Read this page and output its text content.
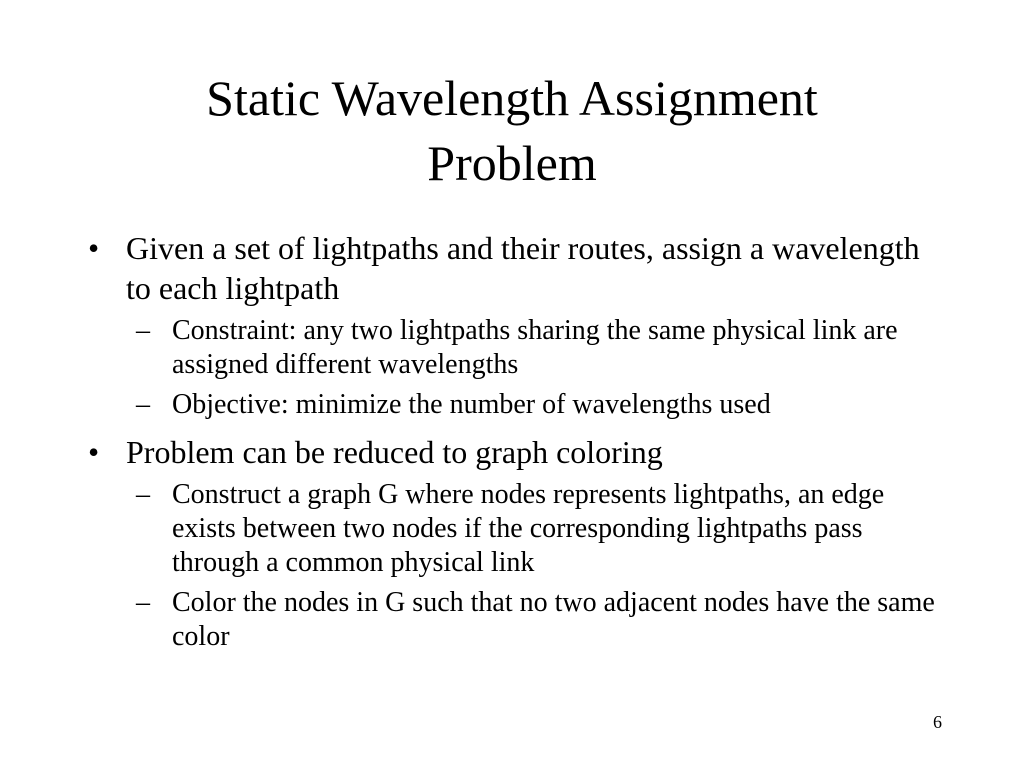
Static Wavelength Assignment
Problem
• Given a set of lightpaths and their routes, assign a wavelength to each lightpath
– Constraint: any two lightpaths sharing the same physical link are assigned different wavelengths
– Objective: minimize the number of wavelengths used
• Problem can be reduced to graph coloring
– Construct a graph G where nodes represents lightpaths, an edge exists between two nodes if the corresponding lightpaths pass through a common physical link
– Color the nodes in G such that no two adjacent nodes have the same color
6
